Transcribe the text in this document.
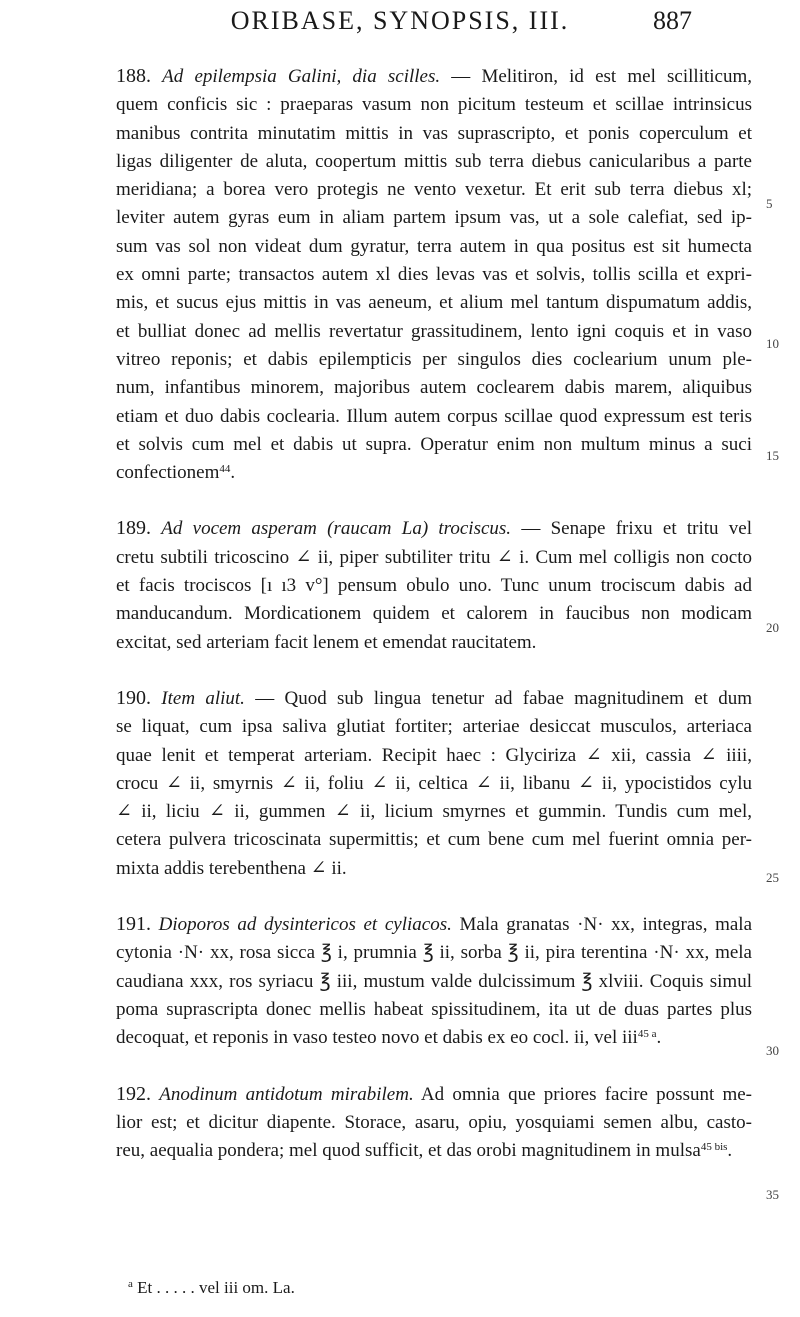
ORIBASE, SYNOPSIS, III.	887
188. Ad epilempsia Galini, dia scilles. — Melitiron, id est mel scilliticum,
quem conficis sic : praeparas vasum non picitum testeum et scillae intrinsicus
manibus contrita minutatim mittis in vas suprascripto, et ponis coperculum et
ligas diligenter de aluta, coopertum mittis sub terra diebus canicularibus a parte
meridiana; a borea vero protegis ne vento vexetur. Et erit sub terra diebus xl;
leviter autem gyras eum in aliam partem ipsum vas, ut a sole calefiat, sed ip-
sum vas sol non videat dum gyratur, terra autem in qua positus est sit humecta
ex omni parte; transactos autem xl dies levas vas et solvis, tollis scilla et expri-
mis, et sucus ejus mittis in vas aeneum, et alium mel tantum dispumatum addis,
et bulliat donec ad mellis revertatur grassitudinem, lento igni coquis et in vaso
vitreo reponis; et dabis epilempticis per singulos dies coclearium unum ple-
num, infantibus minorem, majoribus autem coclearem dabis marem, aliquibus
etiam et duo dabis coclearia. Illum autem corpus scillae quod expressum est teris
et solvis cum mel et dabis ut supra. Operatur enim non multum minus a suci
confectionem$^{44}$.
189. Ad vocem asperam (raucam La) trociscus. — Senape frixu et tritu vel
cretu subtili tricoscino ∠ ii, piper subtiliter tritu ∠ i. Cum mel colligis non cocto
et facis trociscos [ı ı3 v°] pensum obulo uno. Tunc unum trociscum dabis ad
manducandum. Mordicationem quidem et calorem in faucibus non modicam
excitat, sed arteriam facit lenem et emendat raucitatem.
190. Item aliut. — Quod sub lingua tenetur ad fabae magnitudinem et dum
se liquat, cum ipsa saliva glutiat fortiter; arteriae desiccat musculos, arteriaca
quae lenit et temperat arteriam. Recipit haec : Glyciriza ∠ xii, cassia ∠ iiii,
crocu ∠ ii, smyrnis ∠ ii, foliu ∠ ii, celtica ∠ ii, libanu ∠ ii, ypocistidos cylu
∠ ii, liciu ∠ ii, gummen ∠ ii, licium smyrnes et gummin. Tundis cum mel,
cetera pulvera tricoscinata supermittis; et cum bene cum mel fuerint omnia per-
mixta addis terebenthena ∠ ii.
191. Dioporos ad dysintericos et cyliacos. Mala granatas ·N· xx, integras, mala
cytonia ·N· xx, rosa sicca ℥ i, prumnia ℥ ii, sorba ℥ ii, pira terentina ·N· xx, mela
caudiana xxx, ros syriacu ℥ iii, mustum valde dulcissimum ℥ xlviii. Coquis simul
poma suprascripta donec mellis habeat spissitudinem, ita ut de duas partes plus
decoquat, et reponis in vaso testeo novo et dabis ex eo cocl. ii, vel iii$^{45 a}$.
192. Anodinum antidotum mirabilem. Ad omnia que priores facire possunt me-
lior est; et dicitur diapente. Storace, asaru, opiu, yosquiami semen albu, casto-
reu, aequalia pondera; mel quod sufficit, et das orobi magnitudinem in mulsa$^{45 bis}$.
5
10
15
20
25
30
35
$^a$ Et . . . . . vel iii om. La.
